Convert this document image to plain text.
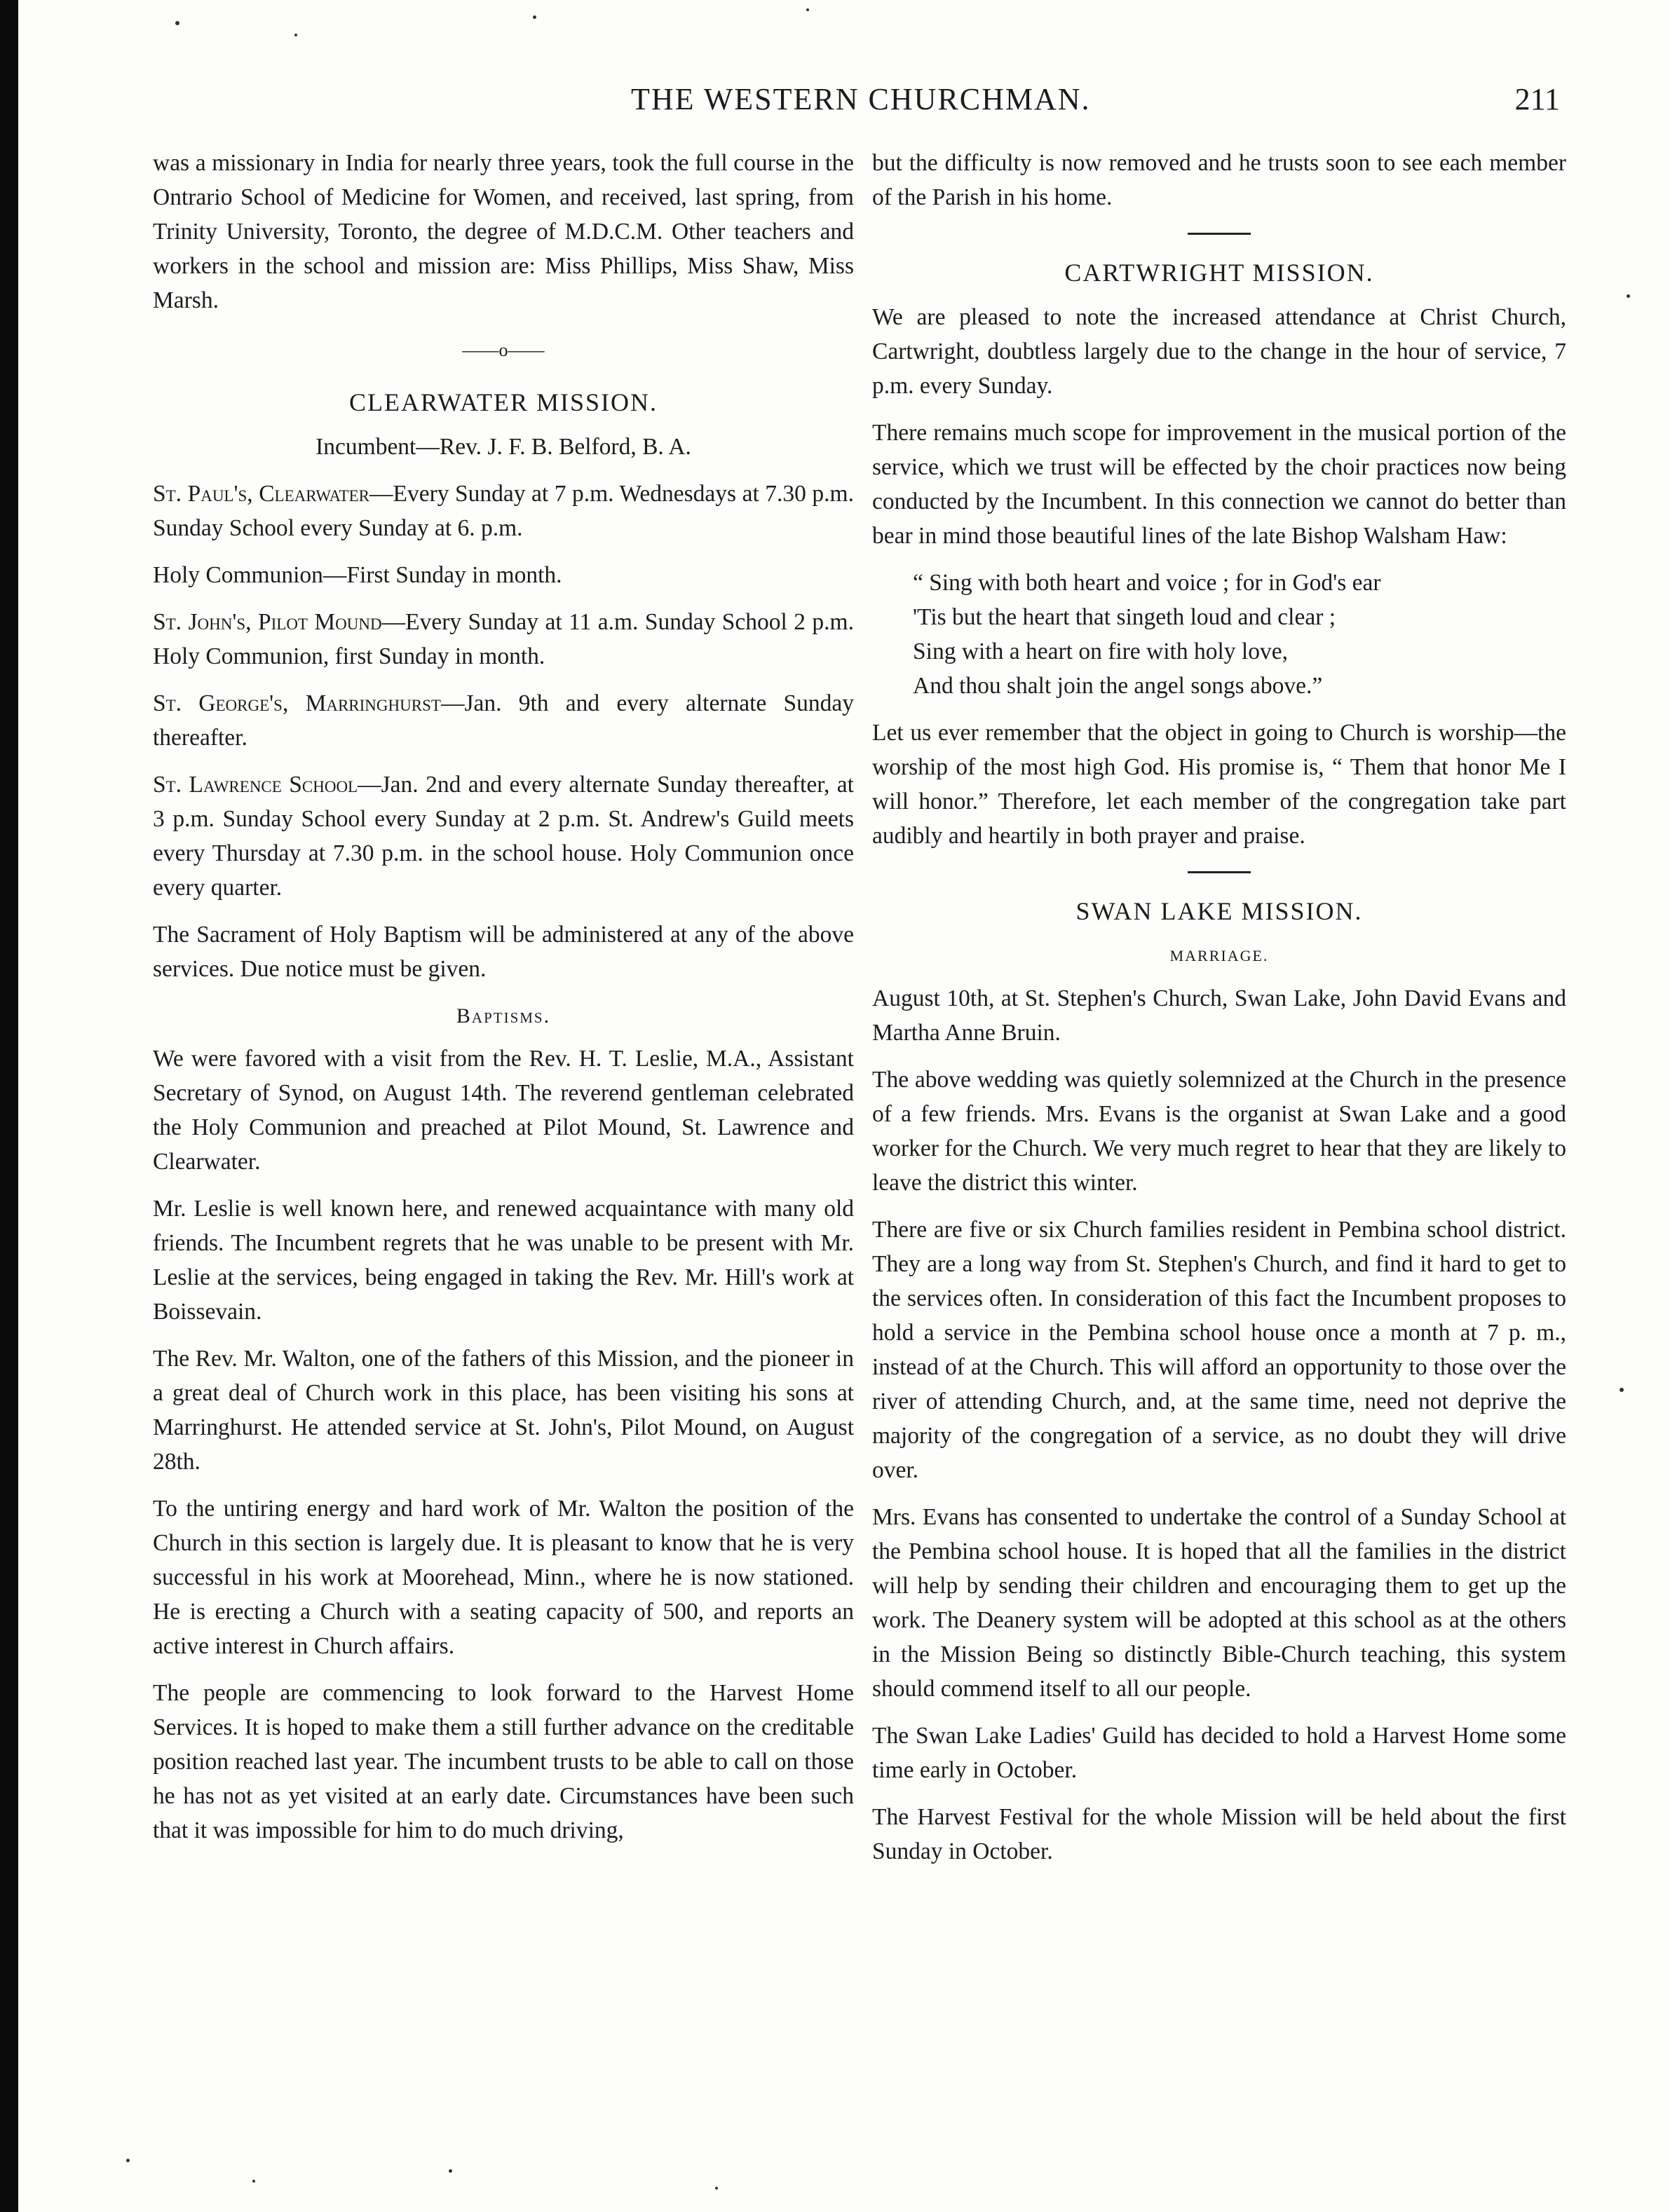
THE WESTERN CHURCHMAN.	211

was a missionary in India for nearly three years, took the full course in the Ontrario School of Medicine for Women, and received, last spring, from Trinity University, Toronto, the degree of M.D.C.M. Other teachers and workers in the school and mission are: Miss Phillips, Miss Shaw, Miss Marsh.

——o——
CLEARWATER MISSION.

Incumbent—Rev. J. F. B. Belford, B. A.

St. Paul's, Clearwater—Every Sunday at 7 p.m. Wednesdays at 7.30 p.m. Sunday School every Sunday at 6. p.m.

Holy Communion—First Sunday in month.

St. John's, Pilot Mound—Every Sunday at 11 a.m. Sunday School 2 p.m. Holy Communion, first Sunday in month.

St. George's, Marringhurst—Jan. 9th and every alternate Sunday thereafter.

St. Lawrence School—Jan. 2nd and every alternate Sunday thereafter, at 3 p.m. Sunday School every Sunday at 2 p.m. St. Andrew's Guild meets every Thursday at 7.30 p.m. in the school house. Holy Communion once every quarter.

The Sacrament of Holy Baptism will be administered at any of the above services. Due notice must be given.

Baptisms.

We were favored with a visit from the Rev. H. T. Leslie, M.A., Assistant Secretary of Synod, on August 14th. The reverend gentleman celebrated the Holy Communion and preached at Pilot Mound, St. Lawrence and Clearwater.

Mr. Leslie is well known here, and renewed acquaintance with many old friends. The Incumbent regrets that he was unable to be present with Mr. Leslie at the services, being engaged in taking the Rev. Mr. Hill's work at Boissevain.

The Rev. Mr. Walton, one of the fathers of this Mission, and the pioneer in a great deal of Church work in this place, has been visiting his sons at Marringhurst. He attended service at St. John's, Pilot Mound, on August 28th.

To the untiring energy and hard work of Mr. Walton the position of the Church in this section is largely due. It is pleasant to know that he is very successful in his work at Moorehead, Minn., where he is now stationed. He is erecting a Church with a seating capacity of 500, and reports an active interest in Church affairs.

The people are commencing to look forward to the Harvest Home Services. It is hoped to make them a still further advance on the creditable position reached last year. The incumbent trusts to be able to call on those he has not as yet visited at an early date. Circumstances have been such that it was impossible for him to do much driving,

but the difficulty is now removed and he trusts soon to see each member of the Parish in his home.

CARTWRIGHT MISSION.

We are pleased to note the increased attendance at Christ Church, Cartwright, doubtless largely due to the change in the hour of service, 7 p.m. every Sunday.

There remains much scope for improvement in the musical portion of the service, which we trust will be effected by the choir practices now being conducted by the Incumbent. In this connection we cannot do better than bear in mind those beautiful lines of the late Bishop Walsham Haw:

“ Sing with both heart and voice ; for in God's ear
'Tis but the heart that singeth loud and clear ;
Sing with a heart on fire with holy love,
And thou shalt join the angel songs above.”

Let us ever remember that the object in going to Church is worship—the worship of the most high God. His promise is, “ Them that honor Me I will honor.” Therefore, let each member of the congregation take part audibly and heartily in both prayer and praise.

SWAN LAKE MISSION.
MARRIAGE.

August 10th, at St. Stephen's Church, Swan Lake, John David Evans and Martha Anne Bruin.

The above wedding was quietly solemnized at the Church in the presence of a few friends. Mrs. Evans is the organist at Swan Lake and a good worker for the Church. We very much regret to hear that they are likely to leave the district this winter.

There are five or six Church families resident in Pembina school district. They are a long way from St. Stephen's Church, and find it hard to get to the services often. In consideration of this fact the Incumbent proposes to hold a service in the Pembina school house once a month at 7 p. m., instead of at the Church. This will afford an opportunity to those over the river of attending Church, and, at the same time, need not deprive the majority of the congregation of a service, as no doubt they will drive over.

Mrs. Evans has consented to undertake the control of a Sunday School at the Pembina school house. It is hoped that all the families in the district will help by sending their children and encouraging them to get up the work. The Deanery system will be adopted at this school as at the others in the Mission Being so distinctly Bible-Church teaching, this system should commend itself to all our people.

The Swan Lake Ladies' Guild has decided to hold a Harvest Home some time early in October.

The Harvest Festival for the whole Mission will be held about the first Sunday in October.
